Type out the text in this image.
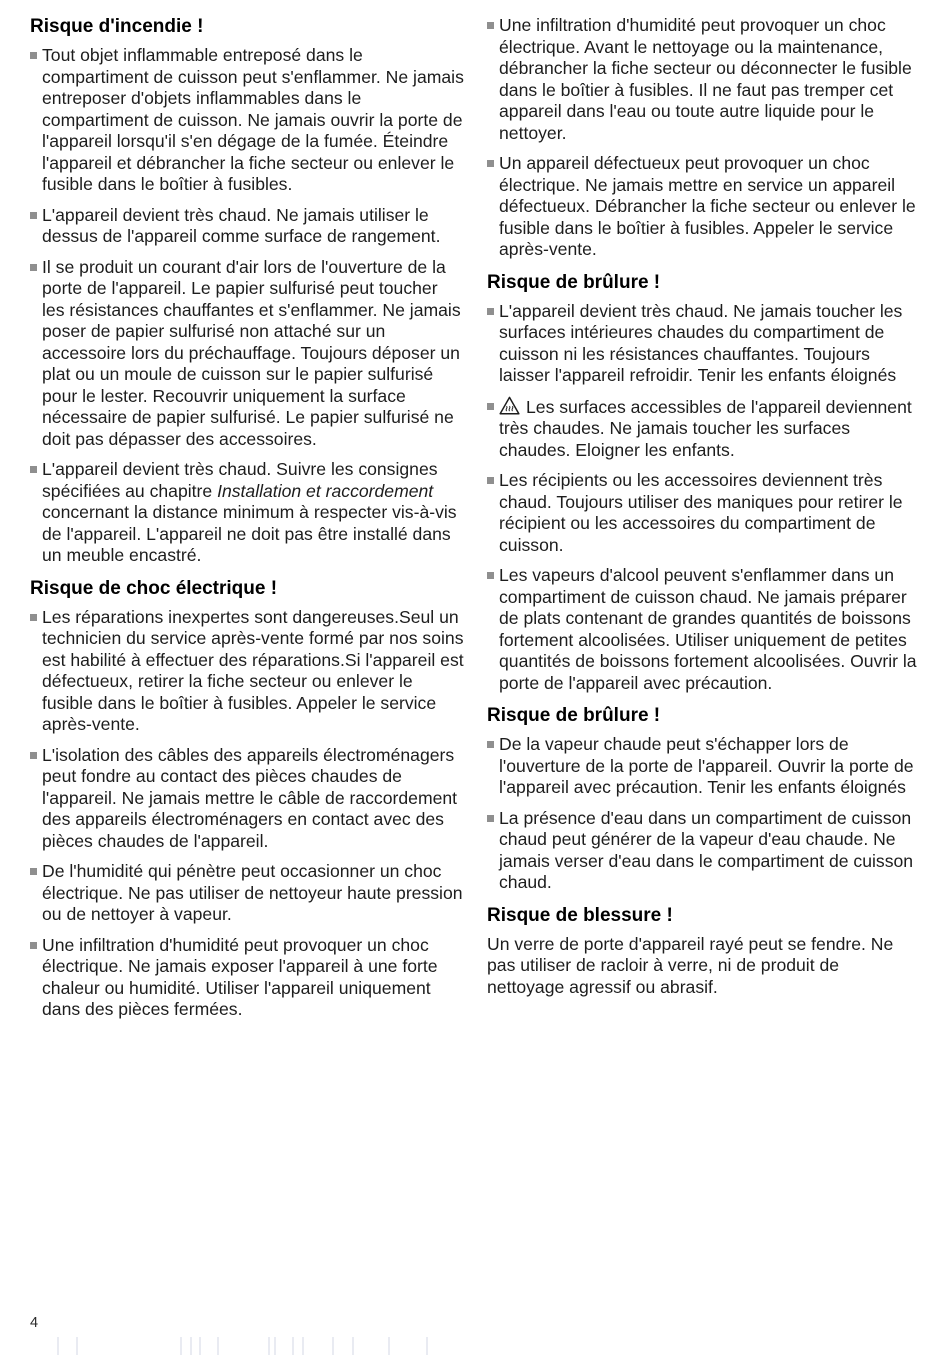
Risque d'incendie !
Tout objet inflammable entreposé dans le compartiment de cuisson peut s'enflammer. Ne jamais entreposer d'objets inflammables dans le compartiment de cuisson. Ne jamais ouvrir la porte de l'appareil lorsqu'il s'en dégage de la fumée. Éteindre l'appareil et débrancher la fiche secteur ou enlever le fusible dans le boîtier à fusibles.
L'appareil devient très chaud. Ne jamais utiliser le dessus de l'appareil comme surface de rangement.
Il se produit un courant d'air lors de l'ouverture de la porte de l'appareil. Le papier sulfurisé peut toucher les résistances chauffantes et s'enflammer. Ne jamais poser de papier sulfurisé non attaché sur un accessoire lors du préchauffage. Toujours déposer un plat ou un moule de cuisson sur le papier sulfurisé pour le lester. Recouvrir uniquement la surface nécessaire de papier sulfurisé. Le papier sulfurisé ne doit pas dépasser des accessoires.
L'appareil devient très chaud. Suivre les consignes spécifiées au chapitre Installation et raccordement concernant la distance minimum à respecter vis-à-vis de l'appareil. L'appareil ne doit pas être installé dans un meuble encastré.
Risque de choc électrique !
Les réparations inexpertes sont dangereuses.Seul un technicien du service après-vente formé par nos soins est habilité à effectuer des réparations.Si l'appareil est défectueux, retirer la fiche secteur ou enlever le fusible dans le boîtier à fusibles. Appeler le service après-vente.
L'isolation des câbles des appareils électroménagers peut fondre au contact des pièces chaudes de l'appareil. Ne jamais mettre le câble de raccordement des appareils électroménagers en contact avec des pièces chaudes de l'appareil.
De l'humidité qui pénètre peut occasionner un choc électrique. Ne pas utiliser de nettoyeur haute pression ou de nettoyer à vapeur.
Une infiltration d'humidité peut provoquer un choc électrique. Ne jamais exposer l'appareil à une forte chaleur ou humidité. Utiliser l'appareil uniquement dans des pièces fermées.
Une infiltration d'humidité peut provoquer un choc électrique. Avant le nettoyage ou la maintenance, débrancher la fiche secteur ou déconnecter le fusible dans le boîtier à fusibles. Il ne faut pas tremper cet appareil dans l'eau ou toute autre liquide pour le nettoyer.
Un appareil défectueux peut provoquer un choc électrique. Ne jamais mettre en service un appareil défectueux. Débrancher la fiche secteur ou enlever le fusible dans le boîtier à fusibles. Appeler le service après-vente.
Risque de brûlure !
L'appareil devient très chaud. Ne jamais toucher les surfaces intérieures chaudes du compartiment de cuisson ni les résistances chauffantes. Toujours laisser l'appareil refroidir. Tenir les enfants éloignés
Les surfaces accessibles de l'appareil deviennent très chaudes. Ne jamais toucher les surfaces chaudes. Eloigner les enfants.
Les récipients ou les accessoires deviennent très chaud. Toujours utiliser des maniques pour retirer le récipient ou les accessoires du compartiment de cuisson.
Les vapeurs d'alcool peuvent s'enflammer dans un compartiment de cuisson chaud. Ne jamais préparer de plats contenant de grandes quantités de boissons fortement alcoolisées. Utiliser uniquement de petites quantités de boissons fortement alcoolisées. Ouvrir la porte de l'appareil avec précaution.
Risque de brûlure !
De la vapeur chaude peut s'échapper lors de l'ouverture de la porte de l'appareil. Ouvrir la porte de l'appareil avec précaution. Tenir les enfants éloignés
La présence d'eau dans un compartiment de cuisson chaud peut générer de la vapeur d'eau chaude. Ne jamais verser d'eau dans le compartiment de cuisson chaud.
Risque de blessure !
Un verre de porte d'appareil rayé peut se fendre. Ne pas utiliser de racloir à verre, ni de produit de nettoyage agressif ou abrasif.
4
